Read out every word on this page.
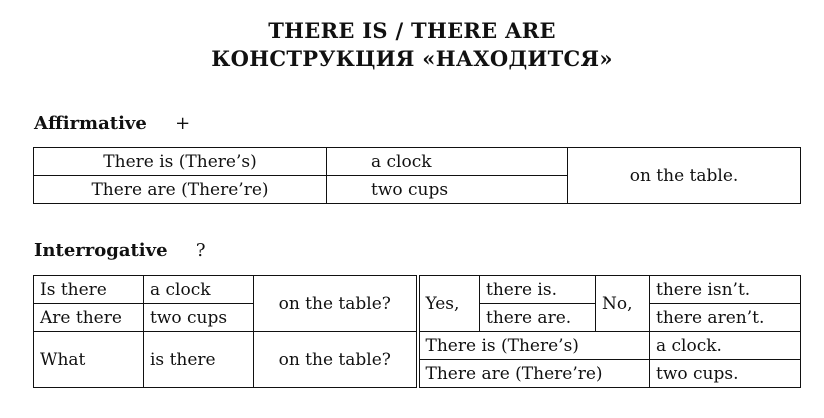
THERE IS / THERE ARE
КОНСТРУКЦИЯ «НАХОДИТСЯ»
Affirmative +
There is (There’s)	a clock	on the table.
There are (There’re)	two cups	
Interrogative ?
Is there	a clock	on the table?	Yes,	there is.	No,	there isn’t.
Are there	two cups			there are.		there aren’t.
What	is there	on the table?	There is (There’s)			a clock.
			There are (There’re)			two cups.
